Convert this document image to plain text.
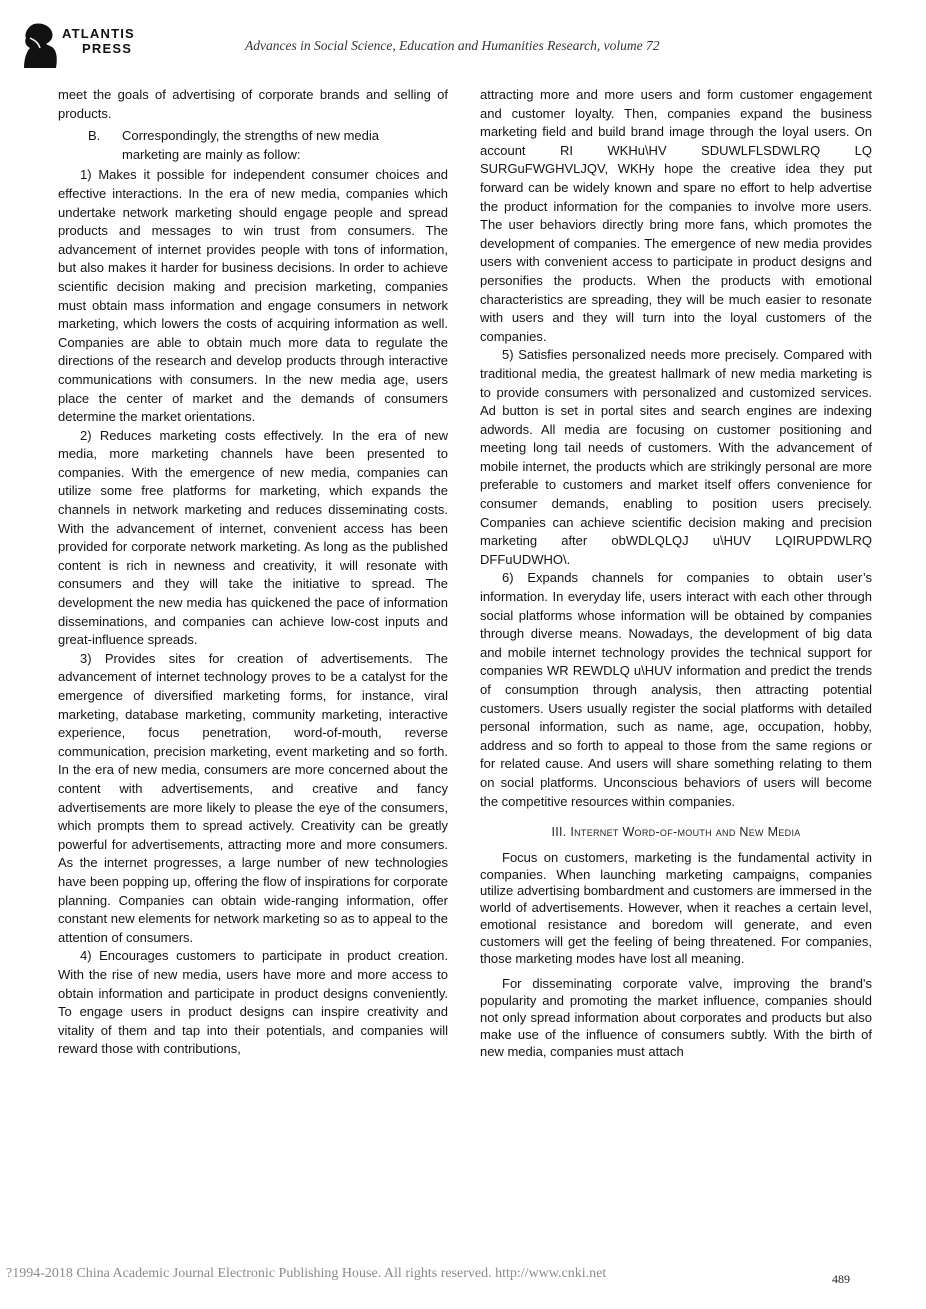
ATLANTIS
PRESS	Advances in Social Science, Education and Humanities Research, volume 72

meet the goals of advertising of corporate brands and selling of products.

B.	Correspondingly, the strengths of new media marketing are mainly as follow:

1) Makes it possible for independent consumer choices and effective interactions. In the era of new media, companies which undertake network marketing should engage people and spread products and messages to win trust from consumers. The advancement of internet provides people with tons of information, but also makes it harder for business decisions. In order to achieve scientific decision making and precision marketing, companies must obtain mass information and engage consumers in network marketing, which lowers the costs of acquiring information as well. Companies are able to obtain much more data to regulate the directions of the research and develop products through interactive communications with consumers. In the new media age, users place the center of market and the demands of consumers determine the market orientations.

2) Reduces marketing costs effectively. In the era of new media, more marketing channels have been presented to companies. With the emergence of new media, companies can utilize some free platforms for marketing, which expands the channels in network marketing and reduces disseminating costs. With the advancement of internet, convenient access has been provided for corporate network marketing. As long as the published content is rich in newness and creativity, it will resonate with consumers and they will take the initiative to spread. The development the new media has quickened the pace of information disseminations, and companies can achieve low-cost inputs and great-influence spreads.

3) Provides sites for creation of advertisements. The advancement of internet technology proves to be a catalyst for the emergence of diversified marketing forms, for instance, viral marketing, database marketing, community marketing, interactive experience, focus penetration, word-of-mouth, reverse communication, precision marketing, event marketing and so forth. In the era of new media, consumers are more concerned about the content with advertisements, and creative and fancy advertisements are more likely to please the eye of the consumers, which prompts them to spread actively. Creativity can be greatly powerful for advertisements, attracting more and more consumers. As the internet progresses, a large number of new technologies have been popping up, offering the flow of inspirations for corporate planning. Companies can obtain wide-ranging information, offer constant new elements for network marketing so as to appeal to the attention of consumers.

4) Encourages customers to participate in product creation. With the rise of new media, users have more and more access to obtain information and participate in product designs conveniently. To engage users in product designs can inspire creativity and vitality of them and tap into their potentials, and companies will reward those with contributions,

attracting more and more users and form customer engagement and customer loyalty. Then, companies expand the business marketing field and build brand image through the loyal users. On account RI WKHu\HV SDUWLFLSDWLRQ LQ SURGuFWGHVLJQV, WKHy hope the creative idea they put forward can be widely known and spare no effort to help advertise the product information for the companies to involve more users. The user behaviors directly bring more fans, which promotes the development of companies. The emergence of new media provides users with convenient access to participate in product designs and personifies the products. When the products with emotional characteristics are spreading, they will be much easier to resonate with users and they will turn into the loyal customers of the companies.

5) Satisfies personalized needs more precisely. Compared with traditional media, the greatest hallmark of new media marketing is to provide consumers with personalized and customized services. Ad button is set in portal sites and search engines are indexing adwords. All media are focusing on customer positioning and meeting long tail needs of customers. With the advancement of mobile internet, the products which are strikingly personal are more preferable to customers and market itself offers convenience for consumer demands, enabling to position users precisely. Companies can achieve scientific decision making and precision marketing after obWDLQLQJ u\HUV LQIRUPDWLRQ DFFuUDWHO\.

6) Expands channels for companies to obtain user’s information. In everyday life, users interact with each other through social platforms whose information will be obtained by companies through diverse means. Nowadays, the development of big data and mobile internet technology provides the technical support for companies WR REWDLQ u\HUV information and predict the trends of consumption through analysis, then attracting potential customers. Users usually register the social platforms with detailed personal information, such as name, age, occupation, hobby, address and so forth to appeal to those from the same regions or for related cause. And users will share something relating to them on social platforms. Unconscious behaviors of users will become the competitive resources within companies.

III. Internet Word-of-mouth and New Media

Focus on customers, marketing is the fundamental activity in companies. When launching marketing campaigns, companies utilize advertising bombardment and customers are immersed in the world of advertisements. However, when it reaches a certain level, emotional resistance and boredom will generate, and even customers will get the feeling of being threatened. For companies, those marketing modes have lost all meaning.

For disseminating corporate valve, improving the brand's popularity and promoting the market influence, companies should not only spread information about corporates and products but also make use of the influence of consumers subtly. With the birth of new media, companies must attach

?1994-2018 China Academic Journal Electronic Publishing House. All rights reserved. http://www.cnki.net	489
